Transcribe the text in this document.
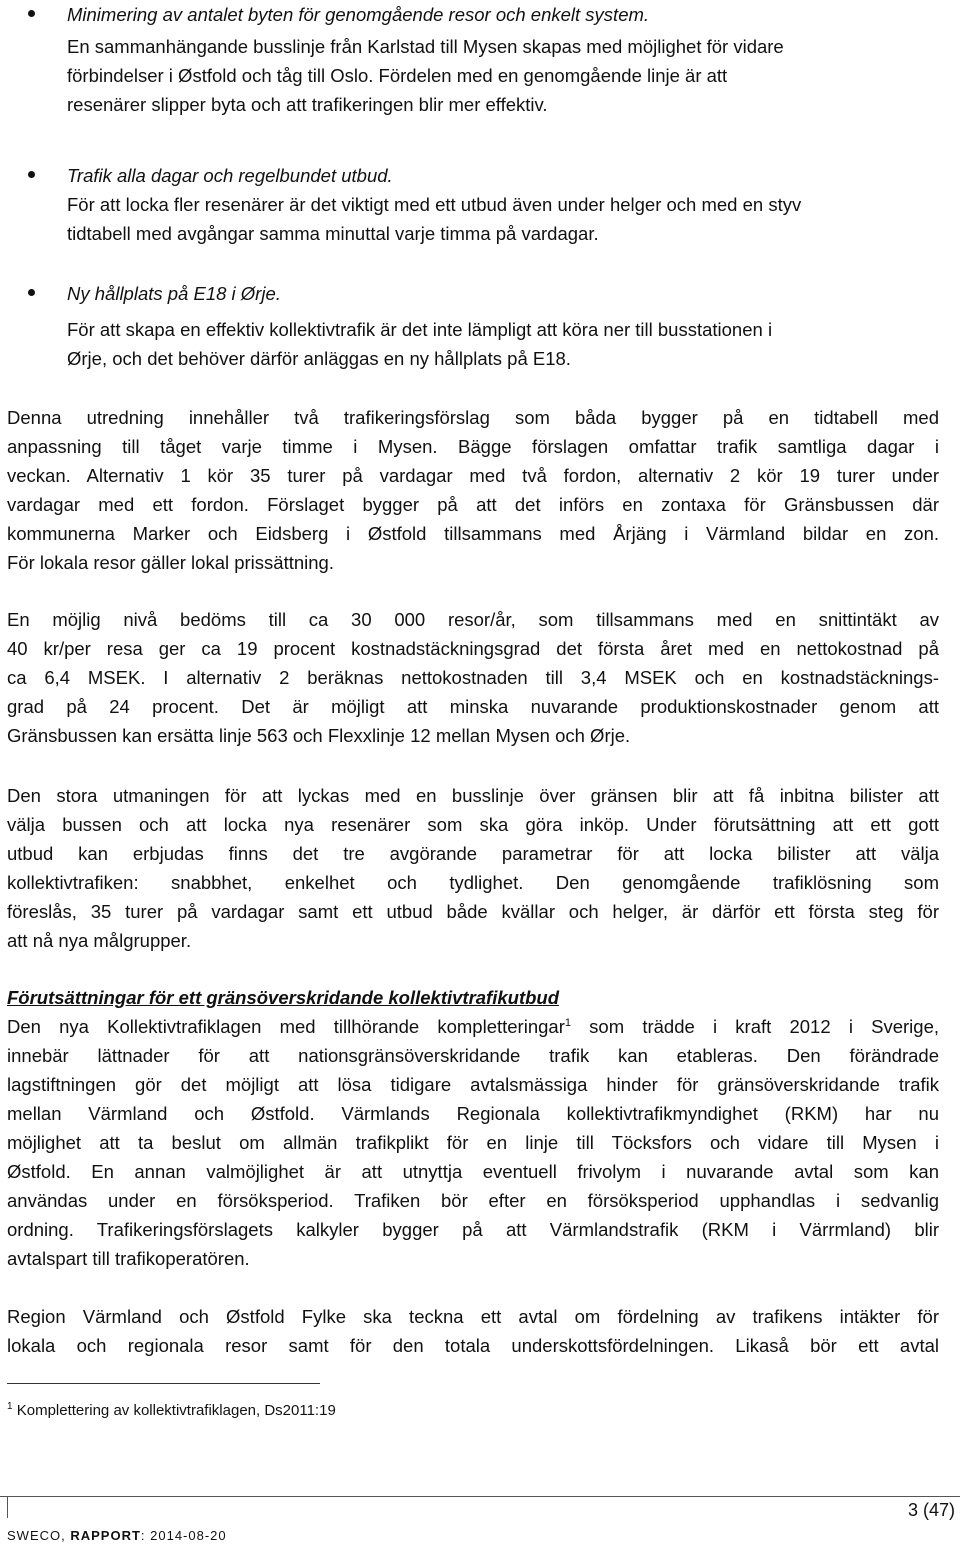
Minimering av antalet byten för genomgående resor och enkelt system.
En sammanhängande busslinje från Karlstad till Mysen skapas med möjlighet för vidare
förbindelser i Østfold och tåg till Oslo. Fördelen med en genomgående linje är att
resenärer slipper byta och att trafikeringen blir mer effektiv.
Trafik alla dagar och regelbundet utbud.
För att locka fler resenärer är det viktigt med ett utbud även under helger och med en styv
tidtabell med avgångar samma minuttal varje timma på vardagar.
Ny hållplats på E18 i Ørje.
För att skapa en effektiv kollektivtrafik är det inte lämpligt att köra ner till busstationen i
Ørje, och det behöver därför anläggas en ny hållplats på E18.
Denna utredning innehåller två trafikeringsförslag som båda bygger på en tidtabell med
anpassning till tåget varje timme i Mysen. Bägge förslagen omfattar trafik samtliga dagar i
veckan. Alternativ 1 kör 35 turer på vardagar med två fordon, alternativ 2 kör 19 turer under
vardagar med ett fordon. Förslaget bygger på att det införs en zontaxa för Gränsbussen där
kommunerna Marker och Eidsberg i Østfold tillsammans med Årjäng i Värmland bildar en zon.
För lokala resor gäller lokal prissättning.
En möjlig nivå bedöms till ca 30 000 resor/år, som tillsammans med en snittintäkt av
40 kr/per resa ger ca 19 procent kostnadstäckningsgrad det första året med en nettokostnad på
ca 6,4 MSEK. I alternativ 2 beräknas nettokostnaden till 3,4 MSEK och en kostnadstäcknings-
grad på 24 procent. Det är möjligt att minska nuvarande produktionskostnader genom att
Gränsbussen kan ersätta linje 563 och Flexxlinje 12 mellan Mysen och Ørje.
Den stora utmaningen för att lyckas med en busslinje över gränsen blir att få inbitna bilister att
välja bussen och att locka nya resenärer som ska göra inköp. Under förutsättning att ett gott
utbud kan erbjudas finns det tre avgörande parametrar för att locka bilister att välja
kollektivtrafiken: snabbhet, enkelhet och tydlighet. Den genomgående trafiklösning som
föreslås, 35 turer på vardagar samt ett utbud både kvällar och helger, är därför ett första steg för
att nå nya målgrupper.
Förutsättningar för ett gränsöverskridande kollektivtrafikutbud
Den nya Kollektivtrafiklagen med tillhörande kompletteringar$^1$ som trädde i kraft 2012 i Sverige,
innebär lättnader för att nationsgränsöverskridande trafik kan etableras. Den förändrade
lagstiftningen gör det möjligt att lösa tidigare avtalsmässiga hinder för gränsöverskridande trafik
mellan Värmland och Østfold. Värmlands Regionala kollektivtrafikmyndighet (RKM) har nu
möjlighet att ta beslut om allmän trafikplikt för en linje till Töcksfors och vidare till Mysen i
Østfold. En annan valmöjlighet är att utnyttja eventuell frivolym i nuvarande avtal som kan
användas under en försöksperiod. Trafiken bör efter en försöksperiod upphandlas i sedvanlig
ordning. Trafikeringsförslagets kalkyler bygger på att Värmlandstrafik (RKM i Värrmland) blir
avtalspart till trafikoperatören.
Region Värmland och Østfold Fylke ska teckna ett avtal om fördelning av trafikens intäkter för
lokala och regionala resor samt för den totala underskottsfördelningen. Likaså bör ett avtal
$^1$ Komplettering av kollektivtrafiklagen, Ds2011:19
3 (47)
SWECO, RAPPORT: 2014-08-20
